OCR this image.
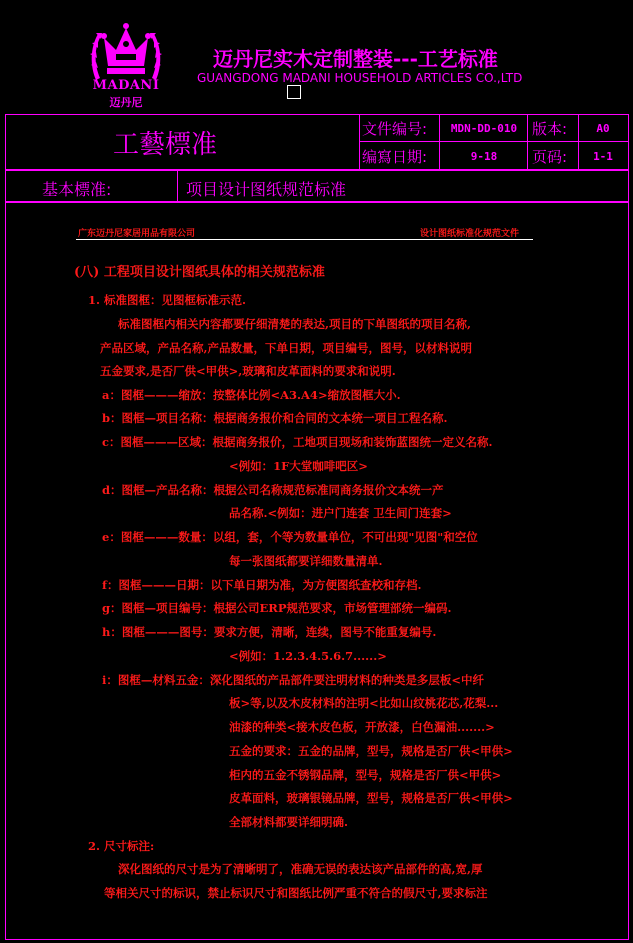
MADANI
迈丹尼
迈丹尼实木定制整装---工艺标准
GUANGDONG MADANI HOUSEHOLD ARTICLES CO.,LTD
工藝標准
文件编号:	MDN-DD-010 版本:	A0
编寫日期:	9-18	页码:	1-1
基本標准:	项目设计图纸规范标准
广东迈丹尼家居用品有限公司	设计图纸标准化规范文件
(八) 工程项目设计图纸具体的相关规范标准
1. 标准图框：见图框标准示范.
标准图框内相关内容都要仔细清楚的表达,项目的下单图纸的项目名称,
产品区域，产品名称,产品数量，下单日期，项目编号，图号，以材料说明
五金要求,是否厂供<甲供>,玻璃和皮革面料的要求和说明.
a：图框———缩放：按整体比例<A3.A4>缩放图框大小.
b：图框—项目名称：根据商务报价和合同的文本统一项目工程名称.
c：图框———区域：根据商务报价，工地项目现场和装饰蓝图统一定义名称.
<例如：1F大堂咖啡吧区>
d：图框—产品名称：根据公司名称规范标准同商务报价文本统一产
品名称.<例如：进户门连套 卫生间门连套>
e：图框———数量：以组，套，个等为数量单位，不可出现"见图"和空位
每一张图纸都要详细数量清单.
f：图框———日期：以下单日期为准，为方便图纸查校和存档.
g：图框—项目编号：根据公司ERP规范要求，市场管理部统一编码.
h：图框———图号：要求方便，清晰，连续，图号不能重复编号.
<例如：1.2.3.4.5.6.7......>
i：图框—材料五金：深化图纸的产品部件要注明材料的种类是多层板<中纤
板>等,以及木皮材料的注明<比如山纹桃花芯,花梨...
油漆的种类<接木皮色板，开放漆，白色漏油.......>
五金的要求：五金的品牌，型号，规格是否厂供<甲供>
柜内的五金不锈钢品牌，型号，规格是否厂供<甲供>
皮革面料，玻璃银镜品牌，型号，规格是否厂供<甲供>
全部材料都要详细明确.
2. 尺寸标注:
深化图纸的尺寸是为了清晰明了，准确无误的表达该产品部件的高,宽,厚
等相关尺寸的标识，禁止标识尺寸和图纸比例严重不符合的假尺寸,要求标注
